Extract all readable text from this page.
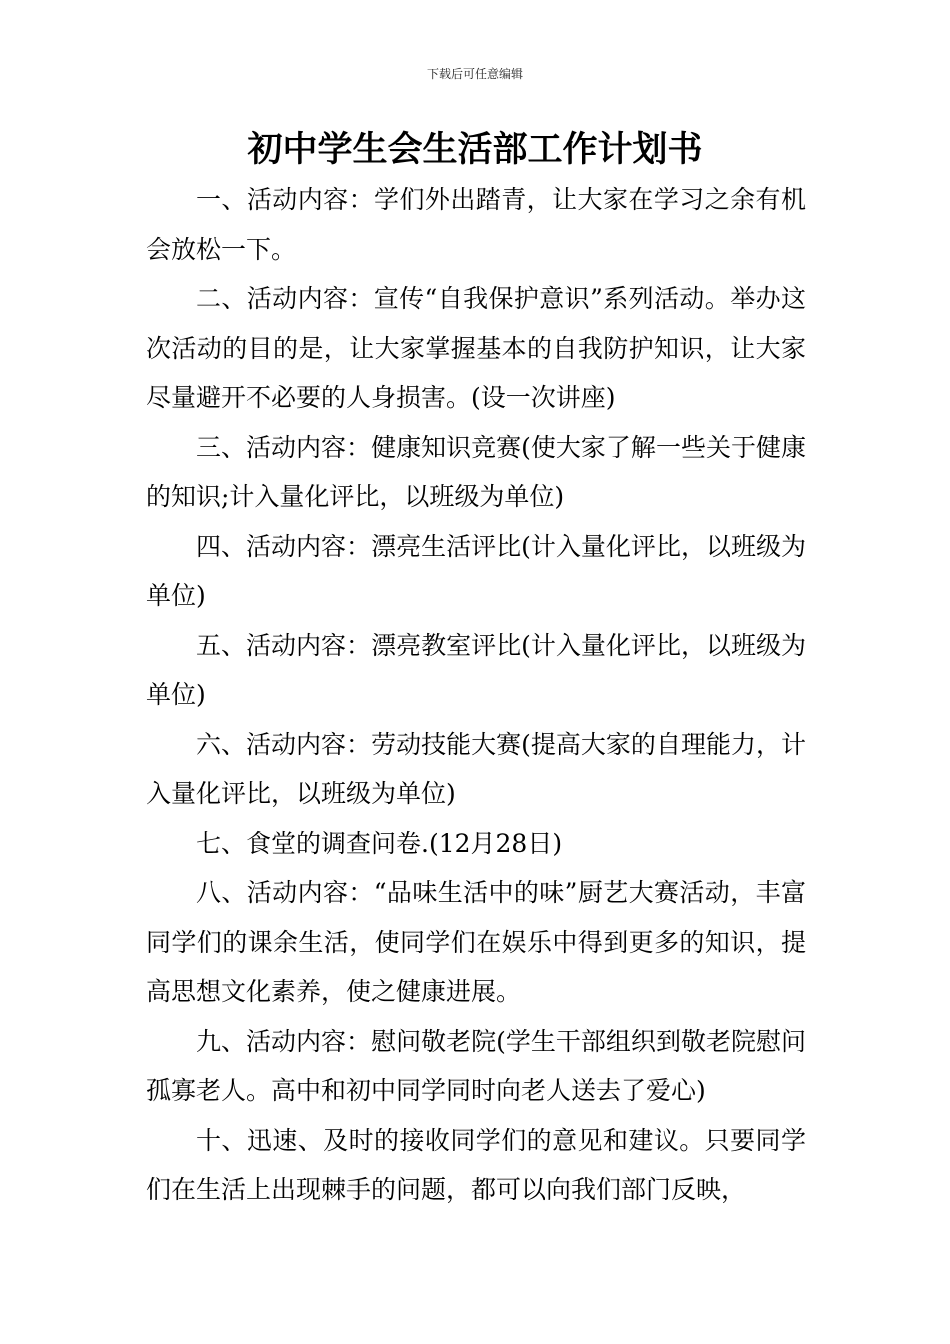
下载后可任意编辑
初中学生会生活部工作计划书

一、活动内容：学们外出踏青，让大家在学习之余有机会放松一下。

二、活动内容：宣传“自我保护意识”系列活动。举办这次活动的目的是，让大家掌握基本的自我防护知识，让大家尽量避开不必要的人身损害。(设一次讲座)

三、活动内容：健康知识竞赛(使大家了解一些关于健康的知识;计入量化评比，以班级为单位)

四、活动内容：漂亮生活评比(计入量化评比，以班级为单位)

五、活动内容：漂亮教室评比(计入量化评比，以班级为单位)

六、活动内容：劳动技能大赛(提高大家的自理能力，计入量化评比，以班级为单位)

七、食堂的调查问卷.(12月28日)

八、活动内容：“品味生活中的味”厨艺大赛活动，丰富同学们的课余生活，使同学们在娱乐中得到更多的知识，提高思想文化素养，使之健康进展。

九、活动内容：慰问敬老院(学生干部组织到敬老院慰问孤寡老人。高中和初中同学同时向老人送去了爱心)

十、迅速、及时的接收同学们的意见和建议。只要同学们在生活上出现棘手的问题，都可以向我们部门反映，
